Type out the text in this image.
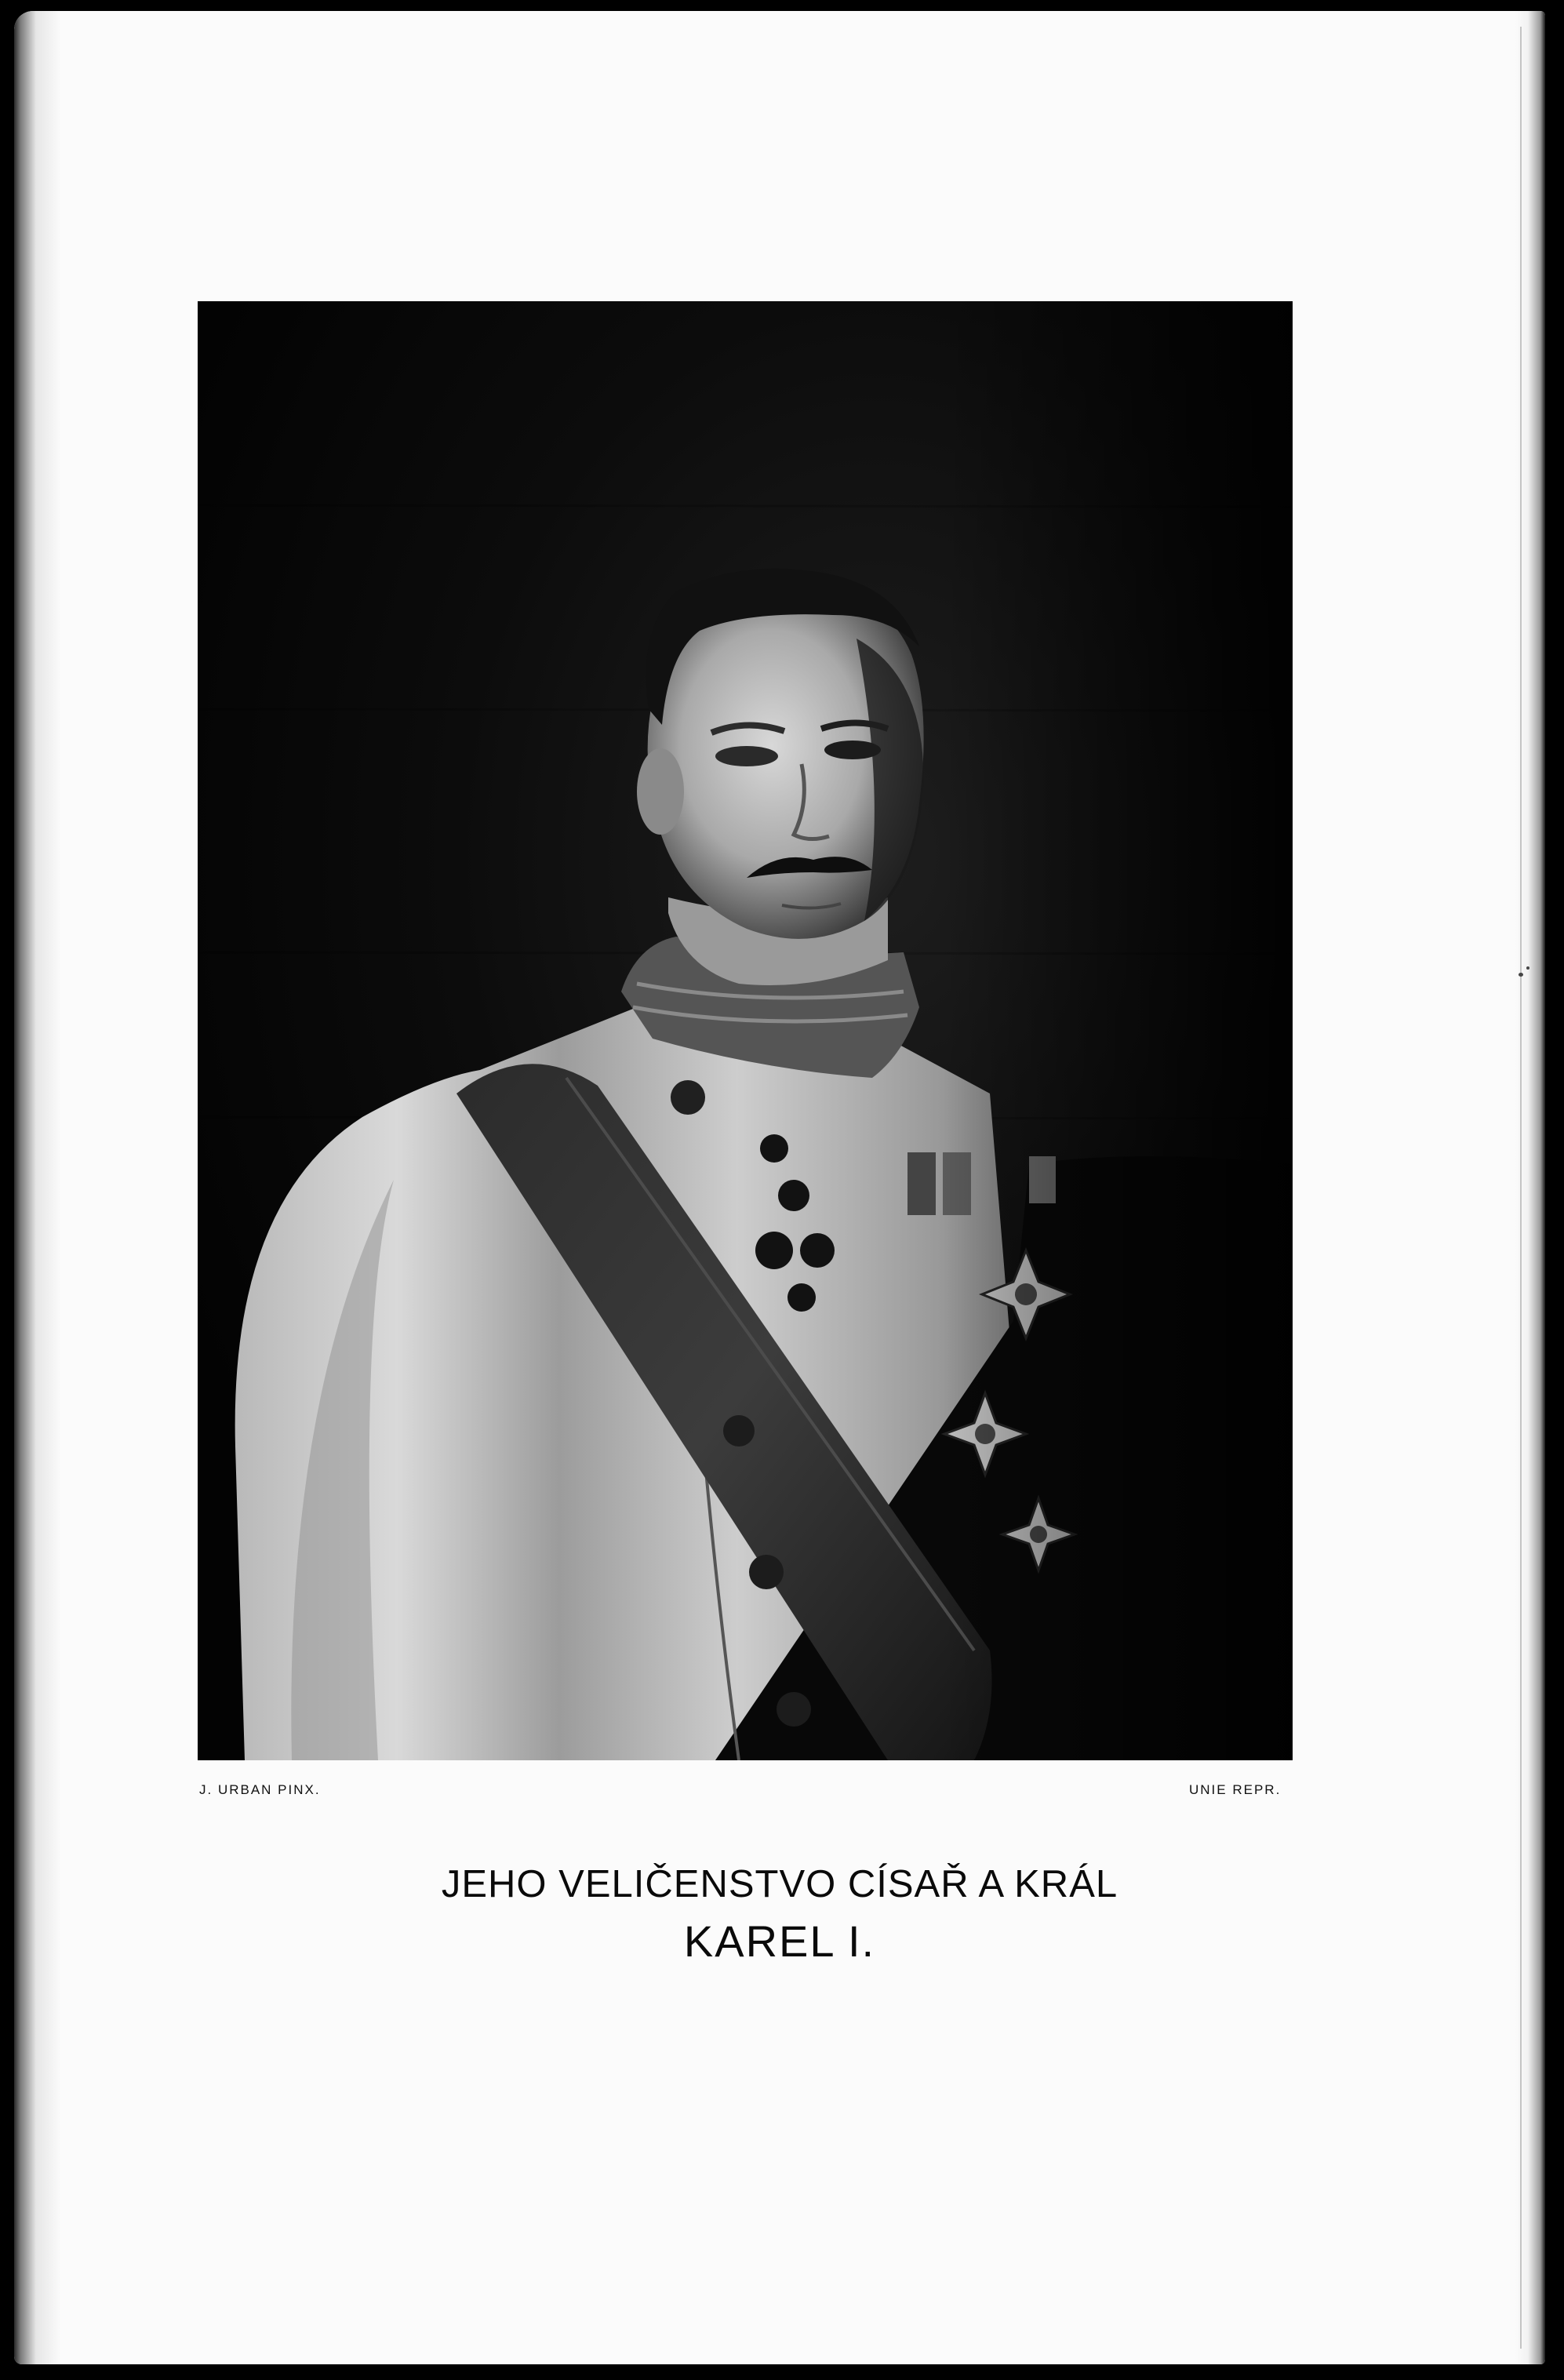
J. URBAN PINX.	UNIE REPR.
JEHO VELIČENSTVO CÍSAŘ A KRÁL
KAREL I.
